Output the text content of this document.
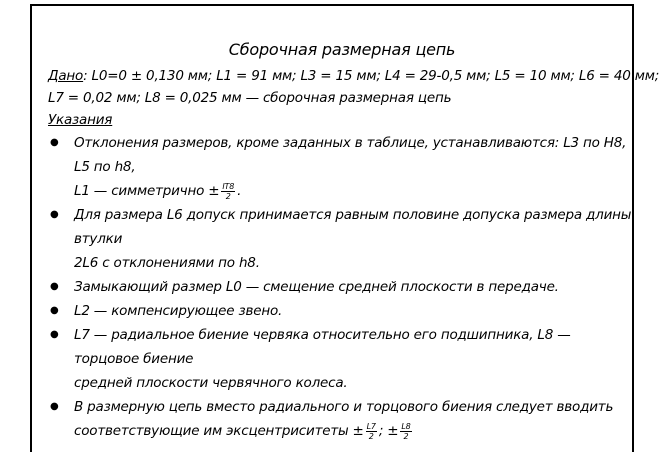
Сборочная размерная цепь
Дано: L0=0 ± 0,130 мм; L1 = 91 мм; L3 = 15 мм; L4 = 29-0,5 мм; L5 = 10 мм; L6 = 40 мм;
L7 = 0,02 мм; L8 = 0,025 мм — сборочная размерная цепь
Указания
● Отклонения размеров, кроме заданных в таблице, устанавливаются: L3 по H8, L5 по h8,
L1 — симметрично ± $\frac{IT8}{2}$ .
● Для размера L6 допуск принимается равным половине допуска размера длины втулки
2L6 с отклонениями по h8.
● Замыкающий размер L0 — смещение средней плоскости в передаче.
● L2 — компенсирующее звено.
● L7 — радиальное биение червяка относительно его подшипника, L8 — торцовое биение
средней плоскости червячного колеса.
● В размерную цепь вместо радиального и торцового биения следует вводить
соответствующие им эксцентриситеты ± $\frac{L7}{2}$ ; ± $\frac{L8}{2}$
